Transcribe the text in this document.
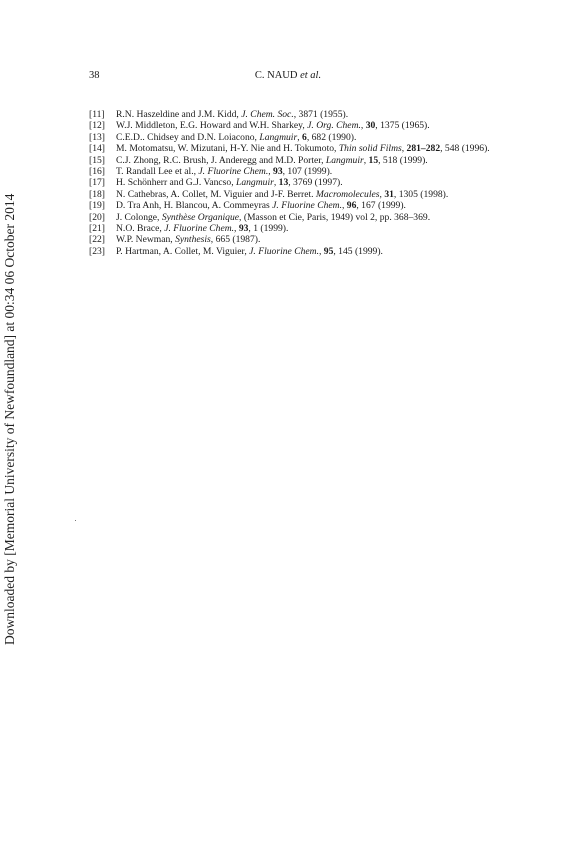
38	C. NAUD et al.
[11] R.N. Haszeldine and J.M. Kidd, J. Chem. Soc., 3871 (1955).
[12] W.J. Middleton, E.G. Howard and W.H. Sharkey, J. Org. Chem., 30, 1375 (1965).
[13] C.E.D.. Chidsey and D.N. Loiacono, Langmuir, 6, 682 (1990).
[14] M. Motomatsu, W. Mizutani, H-Y. Nie and H. Tokumoto, Thin solid Films, 281–282, 548 (1996).
[15] C.J. Zhong, R.C. Brush, J. Anderegg and M.D. Porter, Langmuir, 15, 518 (1999).
[16] T. Randall Lee et al., J. Fluorine Chem., 93, 107 (1999).
[17] H. Schönherr and G.J. Vancso, Langmuir, 13, 3769 (1997).
[18] N. Cathebras, A. Collet, M. Viguier and J-F. Berret. Macromolecules, 31, 1305 (1998).
[19] D. Tra Anh, H. Blancou, A. Commeyras J. Fluorine Chem., 96, 167 (1999).
[20] J. Colonge, Synthèse Organique, (Masson et Cie, Paris, 1949) vol 2, pp. 368–369.
[21] N.O. Brace, J. Fluorine Chem., 93, 1 (1999).
[22] W.P. Newman, Synthesis, 665 (1987).
[23] P. Hartman, A. Collet, M. Viguier, J. Fluorine Chem., 95, 145 (1999).
Downloaded by [Memorial University of Newfoundland] at 00:34 06 October 2014
